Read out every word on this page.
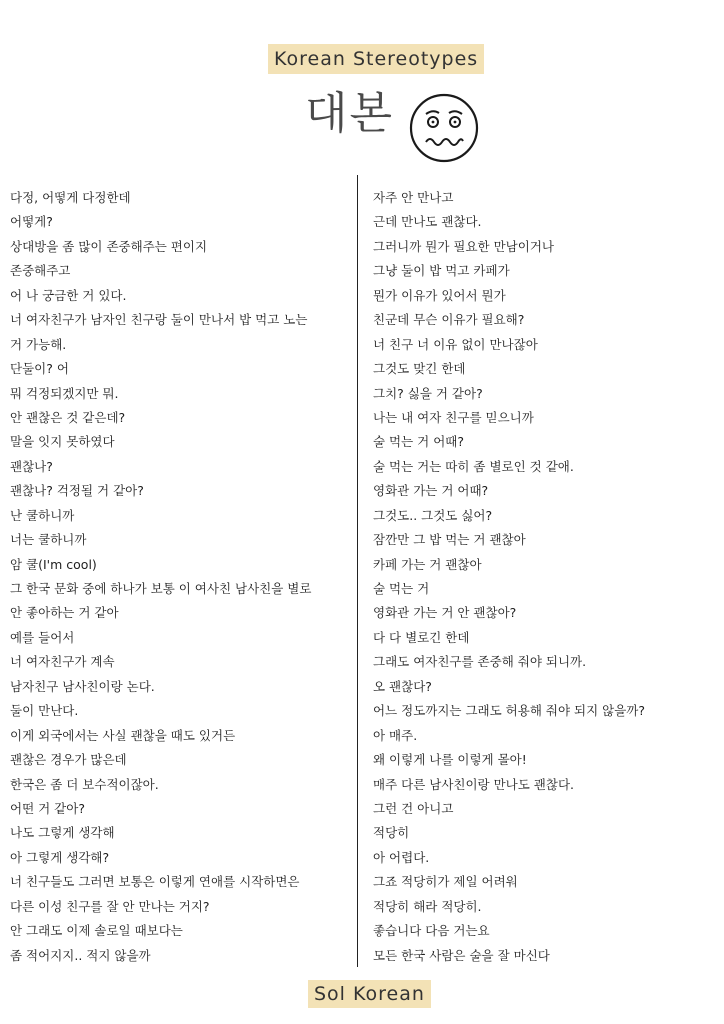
Korean Stereotypes
대본
다정, 어떻게 다정한데
어떻게?
상대방을 좀 많이 존중해주는 편이지
존중해주고
어 나 궁금한 거 있다.
너 여자친구가 남자인 친구랑 둘이 만나서 밥 먹고 노는
거 가능해.
단둘이? 어
뭐 걱정되겠지만 뭐.
안 괜찮은 것 같은데?
말을 잇지 못하였다
괜찮나?
괜찮나? 걱정될 거 같아?
난 쿨하니까
너는 쿨하니까
암 쿨(I'm cool)
그 한국 문화 중에 하나가 보통 이 여사친 남사친을 별로
안 좋아하는 거 같아
예를 들어서
너 여자친구가 계속
남자친구 남사친이랑 논다.
둘이 만난다.
이게 외국에서는 사실 괜찮을 때도 있거든
괜찮은 경우가 많은데
한국은 좀 더 보수적이잖아.
어떤 거 같아?
나도 그렇게 생각해
아 그렇게 생각해?
너 친구들도 그러면 보통은 이렇게 연애를 시작하면은
다른 이성 친구를 잘 안 만나는 거지?
안 그래도 이제 솔로일 때보다는
좀 적어지지.. 적지 않을까
자주 안 만나고
근데 만나도 괜찮다.
그러니까 뭔가 필요한 만남이거나
그냥 둘이 밥 먹고 카페가
뭔가 이유가 있어서 뭔가
친군데 무슨 이유가 필요해?
너 친구 너 이유 없이 만나잖아
그것도 맞긴 한데
그치? 싫을 거 같아?
나는 내 여자 친구를 믿으니까
술 먹는 거 어때?
술 먹는 거는 따히 좀 별로인 것 같애.
영화관 가는 거 어때?
그것도.. 그것도 싫어?
잠깐만 그 밥 먹는 거 괜찮아
카페 가는 거 괜찮아
술 먹는 거
영화관 가는 거 안 괜찮아?
다 다 별로긴 한데
그래도 여자친구를 존중해 줘야 되니까.
오 괜찮다?
어느 정도까지는 그래도 허용해 줘야 되지 않을까?
아 매주.
왜 이렇게 나를 이렇게 몰아!
매주 다른 남사친이랑 만나도 괜찮다.
그런 건 아니고
적당히
아 어렵다.
그죠 적당히가 제일 어려워
적당히 해라 적당히.
좋습니다 다음 거는요
모든 한국 사람은 술을 잘 마신다
Sol Korean
